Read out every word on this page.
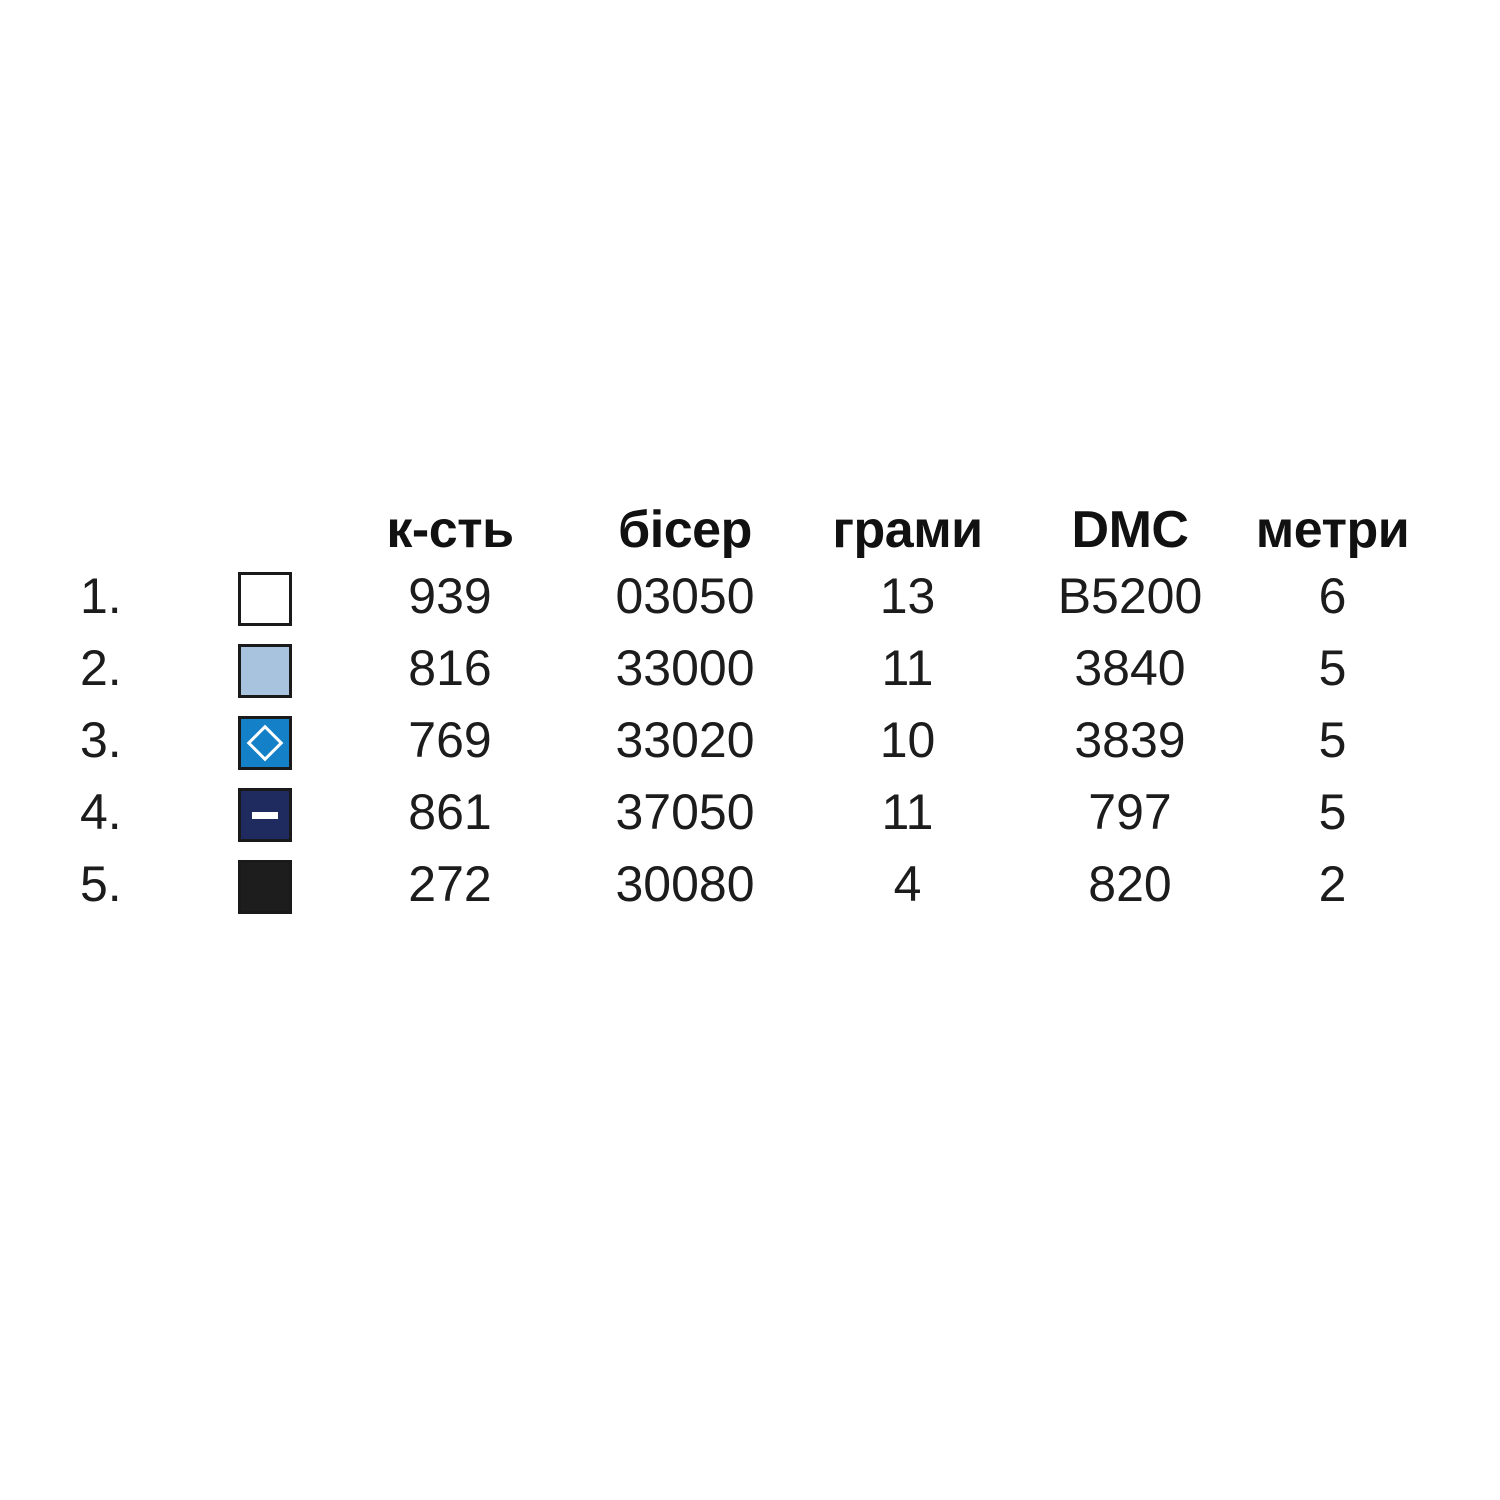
		к-сть	бісер	грами	DMC	метри
1.		939	03050	13	B5200	6
2.		816	33000	11	3840	5
3.		769	33020	10	3839	5
4.		861	37050	11	797	5
5.		272	30080	4	820	2
